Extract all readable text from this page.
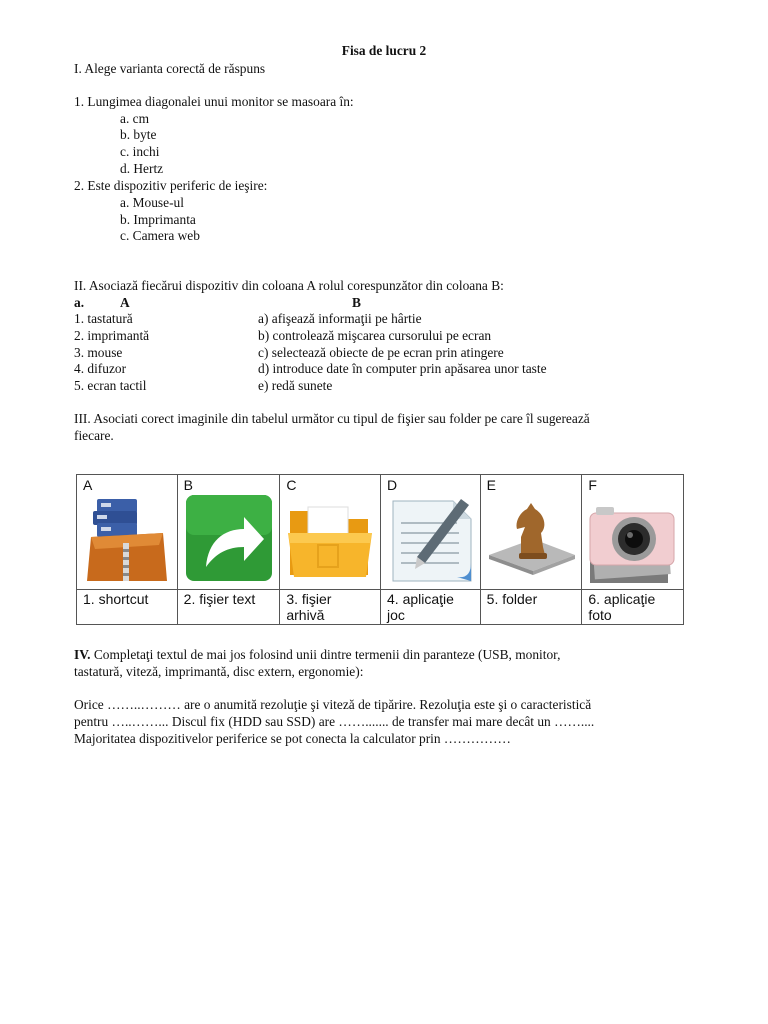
Fisa de lucru 2
I. Alege varianta corectă de răspuns
1. Lungimea diagonalei unui monitor se masoara în:
a. cm
b. byte
c. inchi
d. Hertz
2. Este dispozitiv periferic de ieşire:
a. Mouse-ul
b. Imprimanta
c. Camera web
II. Asociază fiecărui dispozitiv din coloana A rolul corespunzător din coloana B:
a.	A	B
1. tastatură
2. imprimantă
3. mouse
4. difuzor
5. ecran tactil
a) afişează informaţii pe hârtie
b) controlează mişcarea cursorului pe ecran
c) selectează obiecte de pe ecran prin atingere
d) introduce date în computer prin apăsarea unor taste
e) redă sunete
III. Asociati corect imaginile din tabelul următor cu tipul de fişier sau folder pe care îl sugerează
fiecare.
A
1. shortcut
B
2. fişier text
C
3. fişier
arhivă
D
4. aplicaţie
joc
E
5. folder
F
6. aplicaţie
foto
IV. Completaţi textul de mai jos folosind unii dintre termenii din paranteze (USB, monitor,
tastatură, viteză, imprimantă, disc extern, ergonomie):
Orice ……..……… are o anumită rezoluţie şi viteză de tipărire. Rezoluţia este şi o caracteristică
pentru …..……... Discul fix (HDD sau SSD) are ……....... de transfer mai mare decât un ……....
Majoritatea dispozitivelor periferice se pot conecta la calculator prin ……………
